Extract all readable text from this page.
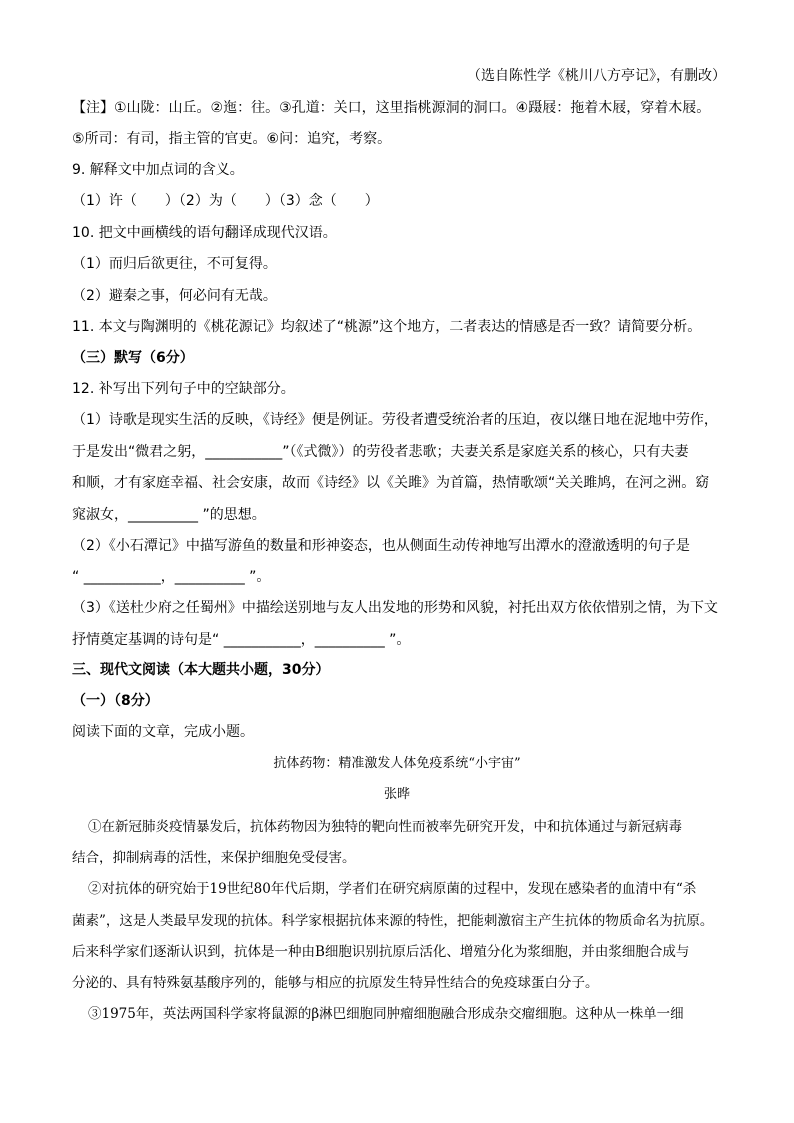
（选自陈性学《桃川八方亭记》，有删改）
【注】①山陇：山丘。②迤：往。③孔道：关口，这里指桃源洞的洞口。④蹑屐：拖着木屐，穿着木屐。
⑤所司：有司，指主管的官吏。⑥问：追究，考察。
9. 解释文中加点词的含义。
（1）许（　　）（2）为（　　）（3）念（　　）
10. 把文中画横线的语句翻译成现代汉语。
（1）而归后欲更往，不可复得。
（2）避秦之事，何必问有无哉。
11. 本文与陶渊明的《桃花源记》均叙述了“桃源”这个地方，二者表达的情感是否一致？请简要分析。
（三）默写（6分）
12. 补写出下列句子中的空缺部分。
（1）诗歌是现实生活的反映，《诗经》便是例证。劳役者遭受统治者的压迫，夜以继日地在泥地中劳作，
于是发出“微君之躬，___________”（《式微》）的劳役者悲歌；夫妻关系是家庭关系的核心，只有夫妻
和顺，才有家庭幸福、社会安康，故而《诗经》以《关雎》为首篇，热情歌颂“关关雎鸠，在河之洲。窈
窕淑女，__________ ”的思想。
（2）《小石潭记》中描写游鱼的数量和形神姿态，也从侧面生动传神地写出潭水的澄澈透明的句子是
“ ___________，__________ ”。
（3）《送杜少府之任蜀州》中描绘送别地与友人出发地的形势和风貌，衬托出双方依依惜别之情，为下文
抒情奠定基调的诗句是“ ___________，__________ ”。
三、现代文阅读（本大题共小题，30分）
（一）（8分）
阅读下面的文章，完成小题。
抗体药物：精准激发人体免疫系统“小宇宙”
张晔
①在新冠肺炎疫情暴发后，抗体药物因为独特的靶向性而被率先研究开发，中和抗体通过与新冠病毒
结合，抑制病毒的活性，来保护细胞免受侵害。
②对抗体的研究始于19世纪80年代后期，学者们在研究病原菌的过程中，发现在感染者的血清中有“杀
菌素”，这是人类最早发现的抗体。科学家根据抗体来源的特性，把能刺激宿主产生抗体的物质命名为抗原。
后来科学家们逐渐认识到，抗体是一种由B细胞识别抗原后活化、增殖分化为浆细胞，并由浆细胞合成与
分泌的、具有特殊氨基酸序列的，能够与相应的抗原发生特异性结合的免疫球蛋白分子。
③1975年，英法两国科学家将鼠源的β淋巴细胞同肿瘤细胞融合形成杂交瘤细胞。这种从一株单一细
